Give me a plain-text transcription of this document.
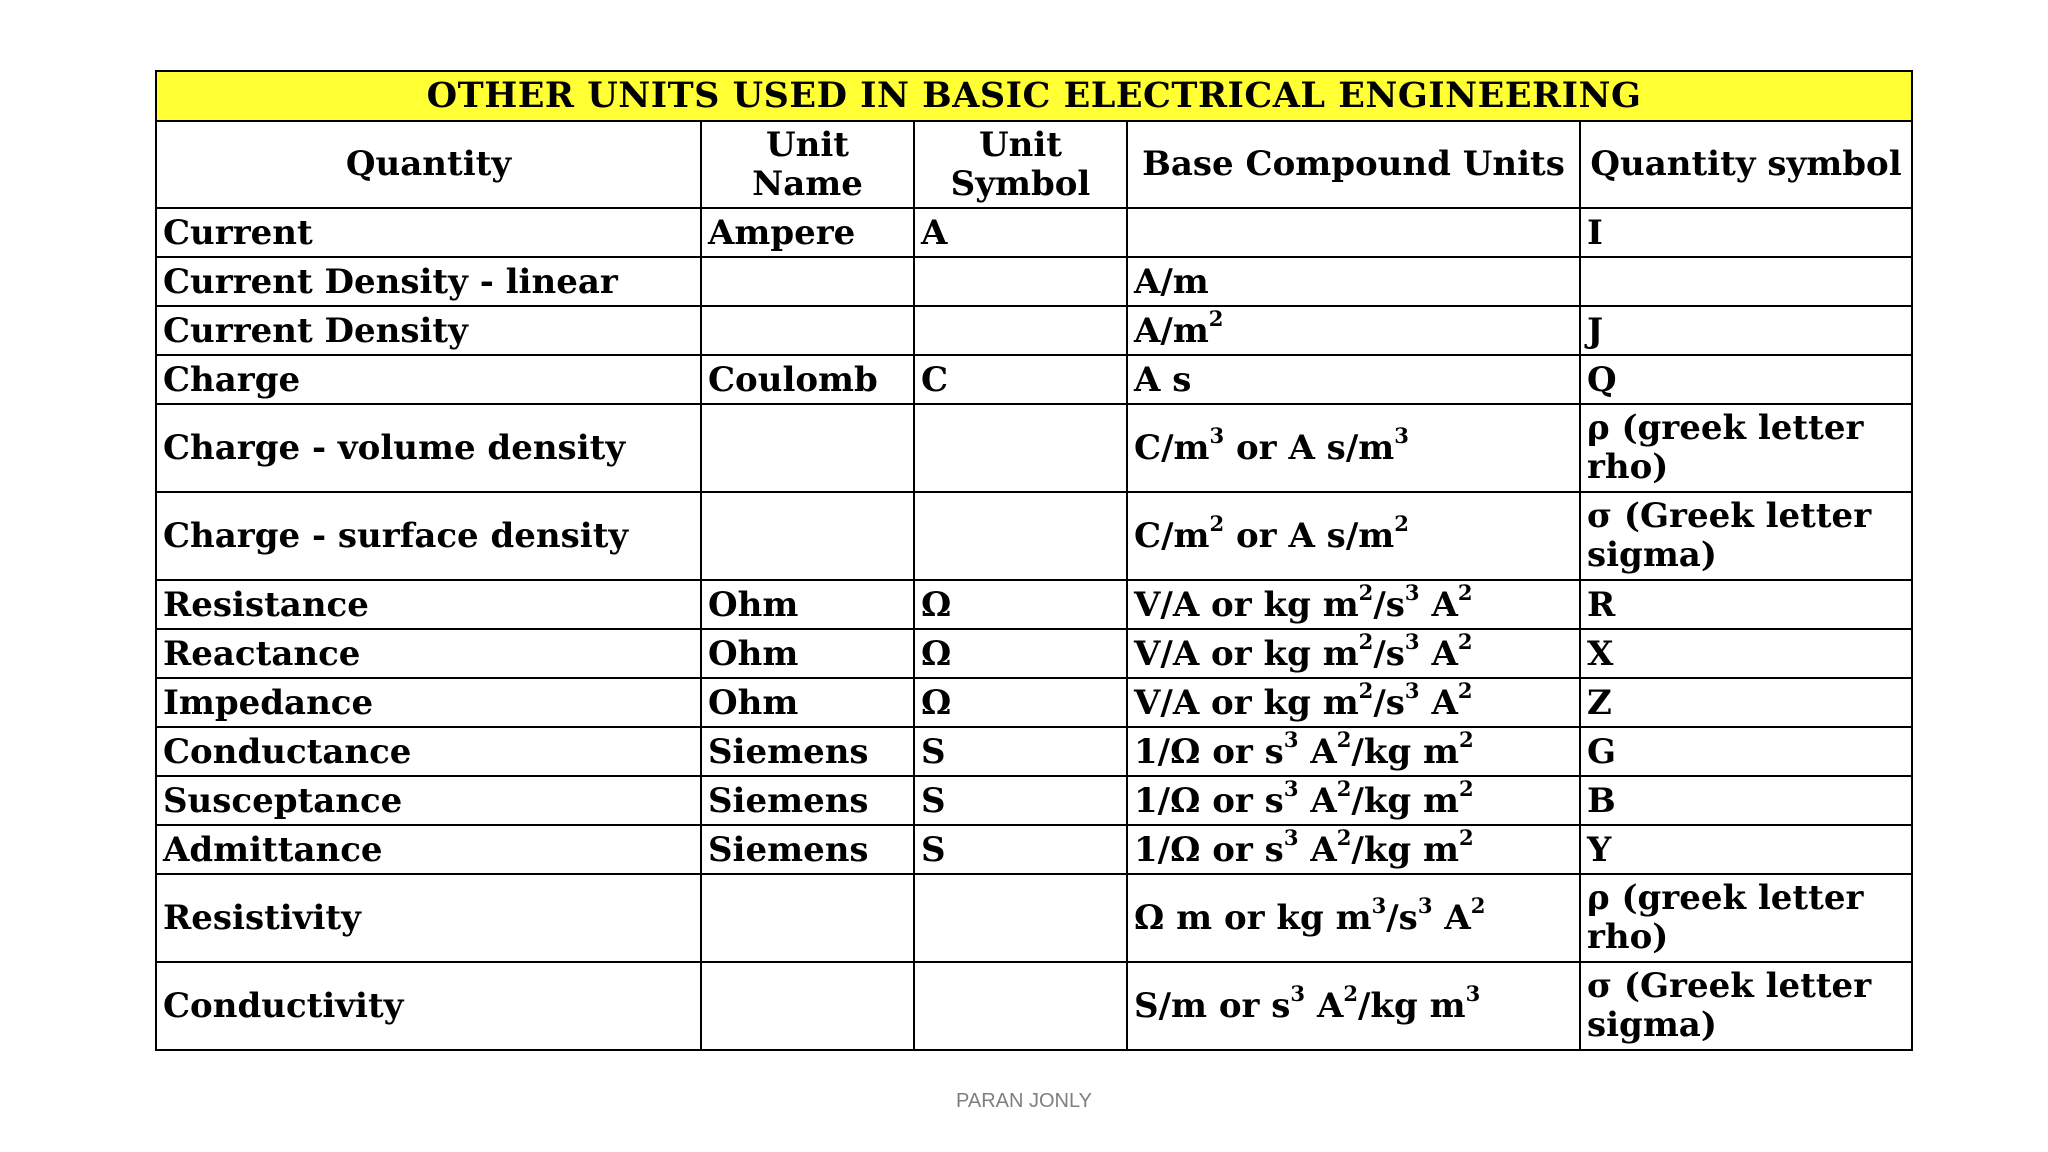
OTHER UNITS USED IN BASIC ELECTRICAL ENGINEERING				
Quantity	Unit Name	Unit Symbol	Base Compound Units	Quantity symbol
Current	Ampere	A		I
Current Density - linear			A/m	
Current Density			$A/m^2$	J
Charge	Coulomb	C	A s	Q
Charge - volume density			$C/m^3$ or A $s/m^3$	ρ (greek letter rho)
Charge - surface density			$C/m^2$ or A $s/m^2$	σ (Greek letter sigma)
Resistance	Ohm	Ω	V/A or kg $m^2/s^3$ $A^2$	R
Reactance	Ohm	Ω	V/A or kg $m^2/s^3$ $A^2$	X
Impedance	Ohm	Ω	V/A or kg $m^2/s^3$ $A^2$	Z
Conductance	Siemens	S	1/Ω or $s^3$ $A^2/kg$ $m^2$	G
Susceptance	Siemens	S	1/Ω or $s^3$ $A^2/kg$ $m^2$	B
Admittance	Siemens	S	1/Ω or $s^3$ $A^2/kg$ $m^2$	Y
Resistivity			Ω m or kg $m^3/s^3$ $A^2$	ρ (greek letter rho)
Conductivity			S/m or $s^3$ $A^2/kg$ $m^3$	σ (Greek letter sigma)
PARAN JONLY
